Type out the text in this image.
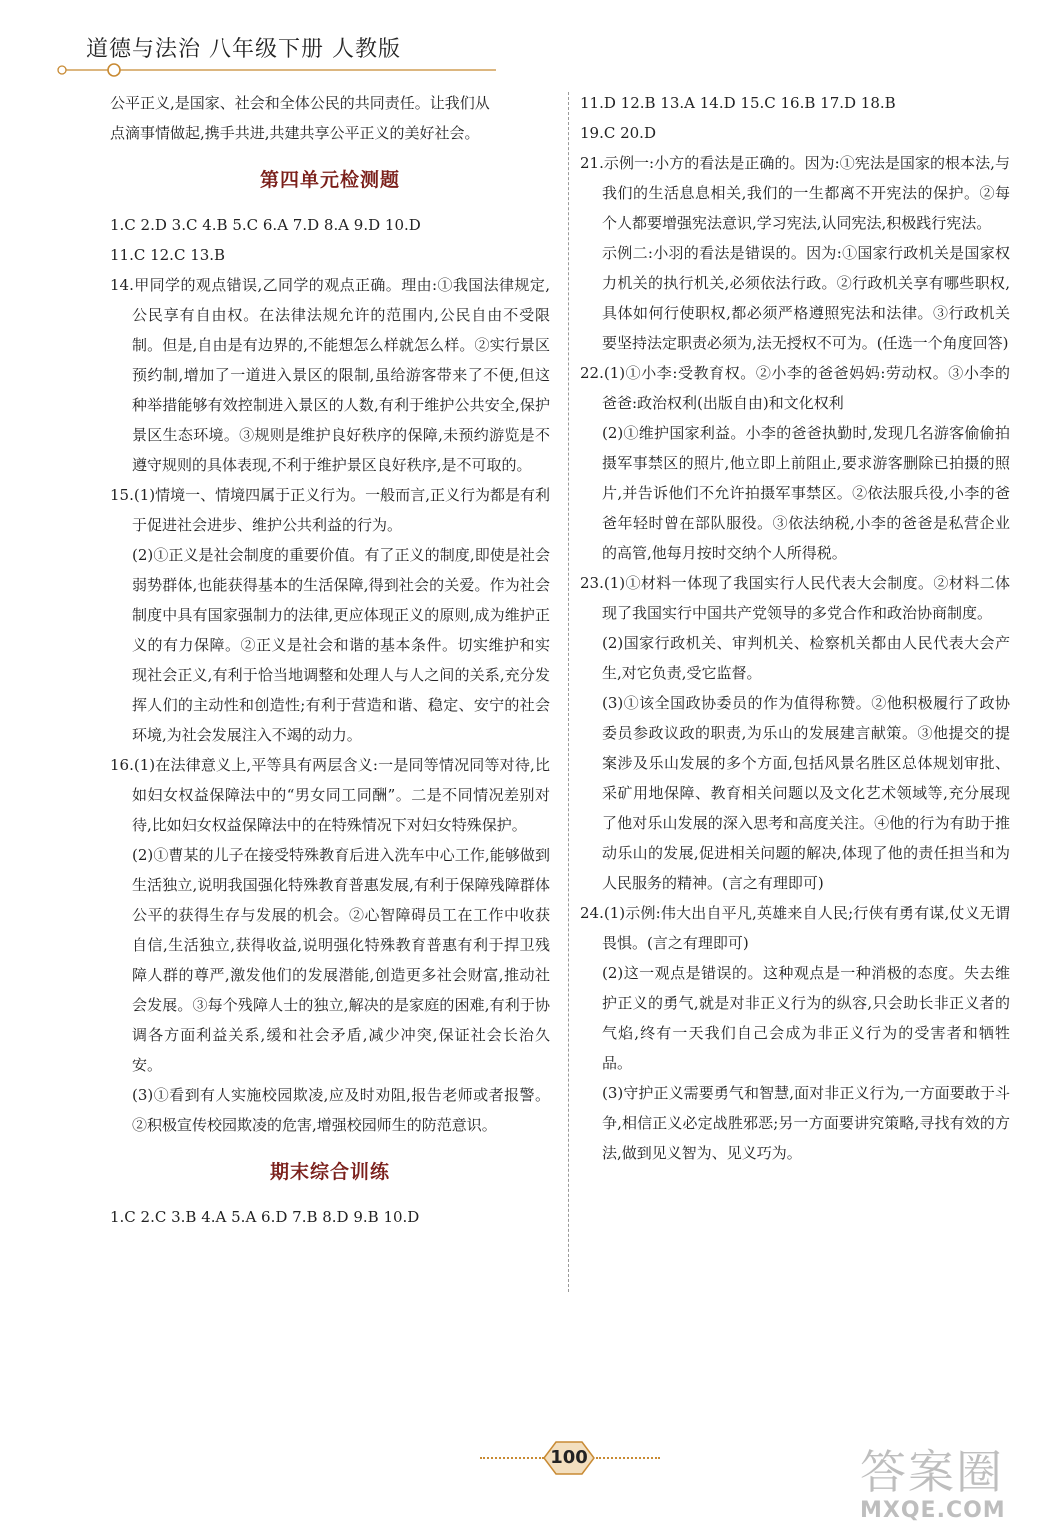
道德与法治 八年级下册 人教版

公平正义,是国家、社会和全体公民的共同责任。让我们从

点滴事情做起,携手共进,共建共享公平正义的美好社会。

第四单元检测题

1.C 2.D 3.C 4.B 5.C 6.A 7.D 8.A 9.D 10.D

11.C 12.C 13.B

14.甲同学的观点错误,乙同学的观点正确。理由:①我国法律规定,公民享有自由权。在法律法规允许的范围内,公民自由不受限制。但是,自由是有边界的,不能想怎么样就怎么样。②实行景区预约制,增加了一道进入景区的限制,虽给游客带来了不便,但这种举措能够有效控制进入景区的人数,有利于维护公共安全,保护景区生态环境。③规则是维护良好秩序的保障,未预约游览是不遵守规则的具体表现,不利于维护景区良好秩序,是不可取的。

15.(1)情境一、情境四属于正义行为。一般而言,正义行为都是有利于促进社会进步、维护公共利益的行为。

(2)①正义是社会制度的重要价值。有了正义的制度,即使是社会弱势群体,也能获得基本的生活保障,得到社会的关爱。作为社会制度中具有国家强制力的法律,更应体现正义的原则,成为维护正义的有力保障。②正义是社会和谐的基本条件。切实维护和实现社会正义,有利于恰当地调整和处理人与人之间的关系,充分发挥人们的主动性和创造性;有利于营造和谐、稳定、安宁的社会环境,为社会发展注入不竭的动力。

16.(1)在法律意义上,平等具有两层含义:一是同等情况同等对待,比如妇女权益保障法中的“男女同工同酬”。二是不同情况差别对待,比如妇女权益保障法中的在特殊情况下对妇女特殊保护。

(2)①曹某的儿子在接受特殊教育后进入洗车中心工作,能够做到生活独立,说明我国强化特殊教育普惠发展,有利于保障残障群体公平的获得生存与发展的机会。②心智障碍员工在工作中收获自信,生活独立,获得收益,说明强化特殊教育普惠有利于捍卫残障人群的尊严,激发他们的发展潜能,创造更多社会财富,推动社会发展。③每个残障人士的独立,解决的是家庭的困难,有利于协调各方面利益关系,缓和社会矛盾,减少冲突,保证社会长治久安。

(3)①看到有人实施校园欺凌,应及时劝阻,报告老师或者报警。②积极宣传校园欺凌的危害,增强校园师生的防范意识。

期末综合训练

1.C 2.C 3.B 4.A 5.A 6.D 7.B 8.D 9.B 10.D

11.D 12.B 13.A 14.D 15.C 16.B 17.D 18.B

19.C 20.D

21.示例一:小方的看法是正确的。因为:①宪法是国家的根本法,与我们的生活息息相关,我们的一生都离不开宪法的保护。②每个人都要增强宪法意识,学习宪法,认同宪法,积极践行宪法。

示例二:小羽的看法是错误的。因为:①国家行政机关是国家权力机关的执行机关,必须依法行政。②行政机关享有哪些职权,具体如何行使职权,都必须严格遵照宪法和法律。③行政机关要坚持法定职责必须为,法无授权不可为。(任选一个角度回答)

22.(1)①小李:受教育权。②小李的爸爸妈妈:劳动权。③小李的爸爸:政治权利(出版自由)和文化权利

(2)①维护国家利益。小李的爸爸执勤时,发现几名游客偷偷拍摄军事禁区的照片,他立即上前阻止,要求游客删除已拍摄的照片,并告诉他们不允许拍摄军事禁区。②依法服兵役,小李的爸爸年轻时曾在部队服役。③依法纳税,小李的爸爸是私营企业的高管,他每月按时交纳个人所得税。

23.(1)①材料一体现了我国实行人民代表大会制度。②材料二体现了我国实行中国共产党领导的多党合作和政治协商制度。

(2)国家行政机关、审判机关、检察机关都由人民代表大会产生,对它负责,受它监督。

(3)①该全国政协委员的作为值得称赞。②他积极履行了政协委员参政议政的职责,为乐山的发展建言献策。③他提交的提案涉及乐山发展的多个方面,包括风景名胜区总体规划审批、采矿用地保障、教育相关问题以及文化艺术领域等,充分展现了他对乐山发展的深入思考和高度关注。④他的行为有助于推动乐山的发展,促进相关问题的解决,体现了他的责任担当和为人民服务的精神。(言之有理即可)

24.(1)示例:伟大出自平凡,英雄来自人民;行侠有勇有谋,仗义无谓畏惧。(言之有理即可)

(2)这一观点是错误的。这种观点是一种消极的态度。失去维护正义的勇气,就是对非正义行为的纵容,只会助长非正义者的气焰,终有一天我们自己会成为非正义行为的受害者和牺牲品。

(3)守护正义需要勇气和智慧,面对非正义行为,一方面要敢于斗争,相信正义必定战胜邪恶;另一方面要讲究策略,寻找有效的方法,做到见义智为、见义巧为。

100	答案圈
MXQE.COM
